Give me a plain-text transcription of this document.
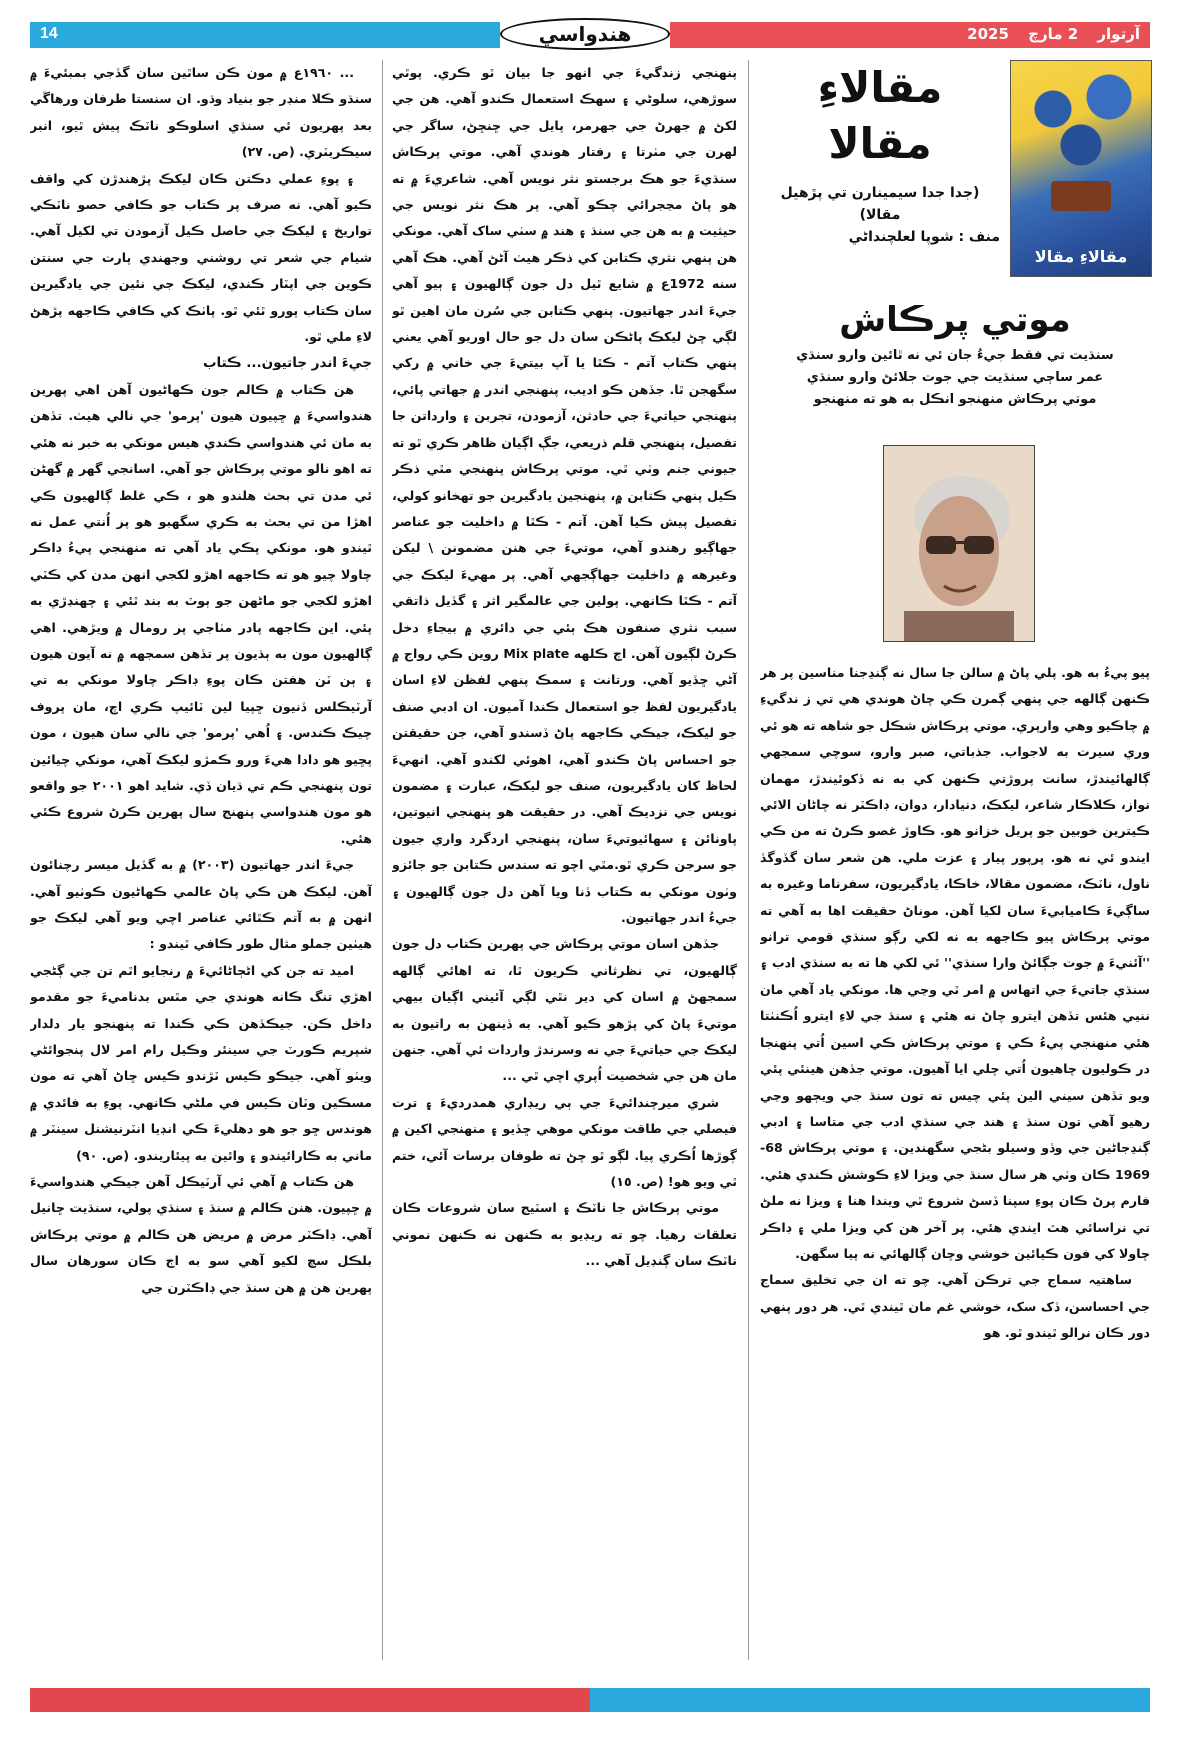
14	آرتوار 2 مارچ 2025
هندواسي

... ١٩٦٠ع ۾ مون ڪن ساٿين سان گڏجي بمبئيءَ ۾ سنڌو ڪلا منڊر جو بنياد وڌو. ان سنستا طرفان ورهاڱي بعد پهريون ئي سنڌي اسلوڪو ناٽڪ پيش ٿيو، انبر سيڪريٽري. (ص. ٢٧)

۽ پوءِ عملي دڪتن ڪان ليکڪ پڙهندڙن کي واقف ڪيو آهي. نه صرف پر ڪتاب جو ڪافي حصو ناٽڪي تواريخ ۽ ليکڪ جي حاصل ڪيل آزمودن تي لکيل آهي. شيام جي شعر تي روشني وجهندي پارت جي سنتن ڪوين جي اپٽار ڪندي، ليکڪ جي نئين جي يادگيرين سان ڪتاب پورو ٿئي ٿو. پاٺڪ کي ڪافي ڪاجهه پڙهڻ لاءِ ملي ٿو.

جيءَ اندر جاتيون... ڪتاب

هن ڪتاب ۾ ڪالم جون ڪهاڻيون آهن اهي پهرين هندواسيءَ ۾ ڇپيون هيون 'پرمو' جي نالي هيٺ. تڏهن به مان ئي هندواسي ڪندي هيس مونکي به خبر نه هئي ته اهو نالو موتي پرڪاش جو آهي. اسانجي گهر ۾ گهڻن ئي مدن تي بحث هلندو هو ، ڪي غلط ڳالهيون ڪي اهڙا من تي بحث به ڪري سگهبو هو پر اُنتي عمل نه ٿيندو هو. مونکي پڪي ياد آهي ته منهنجي پيءُ ڊاڪر چاولا چيو هو ته ڪاجهه اهڙو لکجي انهن مدن کي ڪٽي اهڙو لکجي جو ماڻهن جو ٻوٽ به بند ٿئي ۽ چهنڊڙي به پئي. اين ڪاجهه پادر مٺاجي پر رومال ۾ ويڙهي. اهي ڳالهيون مون به ٻڌيون پر تڏهن سمجهه ۾ نه آيون هيون ۽ ٻن ٽن هفتن ڪان پوءِ ڊاڪر چاولا مونکي به تي آرٽيڪلس ڏنيون ڇپيا لين ٽائيپ ڪري اچ، مان پروف چيڪ ڪندس. ۽ اُهي 'پرمو' جي نالي سان هيون ، مون پڇيو هو دادا هيءَ ورو ڪمڙو ليکڪ آهي، مونکي چيائين تون پنهنجي ڪم تي ڌيان ڏي. شايد اهو ٢٠٠١ جو واقعو هو مون هندواسي پنهنج سال پهرين ڪرڻ شروع ڪئي هئي.

جيءَ اندر جهاتيون (٢٠٠٣) ۾ به گڏيل ميسر رچنائون آهن. ليکڪ هن ڪي پاڻ عالمي ڪهاڻيون ڪوٺيو آهي. انهن ۾ به آتم ڪٿائي عناصر اچي ويو آهي ليکڪ جو هيٺين جملو مثال طور ڪافي ٿيندو :

اميد ته جن کي اڻڄاڻائيءَ ۾ رنجايو اٿم تن جي ڳڻجي اهڙي تنگ ڪانه هوندي جي مٿس بدناميءَ جو مقدمو داخل ڪن. جيڪڏهن ڪي ڪندا ته پنهنجو يار دلدار شپريم ڪورٽ جي سينئر وڪيل رام امر لال پنجوائڻي ويٺو آهي. جيڪو ڪيس ٽڙندو ڪيس ڇاڻ آهي ته مون مسڪين وٽان ڪيس في ملڻي ڪانهي. پوءِ به فائدي ۾ هوندس ڇو جو هو دهليءَ ڪي انڊيا انٽرنيشنل سينٽر ۾ ماني به ڪارائيندو ۽ وائين به پيئاريندو. (ص. ٩٠)

هن ڪتاب ۾ آهي ئي آرٽيڪل آهن جيڪي هندواسيءَ ۾ ڇپيون. هنن ڪالم ۾ سنڌ ۽ سنڌي پولي، سنڌيت ڇانيل آهي. ڊاڪٽر مرض ۾ مريض هن ڪالم ۾ موتي پرڪاش بلڪل سچ لکيو آهي سو به اڄ ڪان سورهان سال پهرين هن ۾ هن سنڌ جي ڊاڪٽرن جي

پنهنجي زندگيءَ جي انهو جا بيان ٿو ڪري. پوٿي سوڙهي، سلوڻي ۽ سهڪ استعمال ڪندو آهي. هن جي لکڻ ۾ جهرڻ جي جهرمر، پايل جي ڇنڇڻ، ساگر جي لهرن جي مٺرتا ۽ رفتار هوندي آهي. موتي پرڪاش سنڌيءَ جو هڪ برجستو نثر نويس آهي. شاعريءَ ۾ ته هو پاڻ مڃجرائي چڪو آهي. پر هڪ نثر نويس جي حيثيت ۾ به هن جي سنڌ ۽ هند ۾ سٺي ساک آهي. مونکي هن پنهي نثري ڪتابن کي ذڪر هيٺ آڻڻ آهي. هڪ آهي سنه 1972ع ۾ شايع ٿيل دل جون ڳالهيون ۽ ٻيو آهي جيءَ اندر جهاتيون. پنهي ڪتابن جي سُرن مان اهين ٿو لڳي چڻ ليکڪ پاڻڪن سان دل جو حال اوريو آهي يعني پنهي ڪتاب آتم - ڪٿا يا آپ بيتيءَ جي خاني ۾ رکي سگهجن ٿا. جڏهن ڪو اديب، پنهنجي اندر ۾ جهاتي پائي، پنهنجي حياتيءَ جي حادثن، آزمودن، تجربن ۽ وارداتن جا تفصيل، پنهنجي قلم ذريعي، جڳ اڳيان ظاهر ڪري ٿو ته جيوني جنم وٺي ٿي. موتي پرڪاش پنهنجي مٿي ذڪر ڪيل پنهي ڪتابن ۾، پنهنجين يادگيرين جو تهخانو کولي، تفصيل پيش ڪيا آهن. آتم - ڪٿا ۾ داخليت جو عناصر جهاڳيو رهندو آهي، موتيءَ جي هنن مضمونن \ ليکن وغيرهه ۾ داخليت جهاڳجهي آهي. پر مهيءَ ليکڪ جي آتم - ڪٿا ڪانهي. پولين جي عالمگير اثر ۽ گڏيل ذاتقي سبب نثري صنفون هڪ ٻئي جي دائري ۾ بيجاءِ دخل ڪرڻ لڳيون آهن. اڄ ڪلهه Mix plate روين ڪي رواج ۾ آڻي ڇڏيو آهي. ورتانت ۽ سمڪ پنهي لفظن لاءِ اسان يادگيريون لفظ جو استعمال ڪندا آميون. ان ادبي صنف جو ليکڪ، جيڪي ڪاجهه پاڻ ڏسندو آهي، جن حقيقتن جو احساس پاڻ ڪندو آهي، اهوئي لکندو آهي. انهيءَ لحاظ کان يادگيريون، صنف جو ليکڪ، عبارت ۽ مضمون نويس جي نزديڪ آهي. در حقيقت هو پنهنجي انيوتين، پاونائن ۽ سهائيوتيءَ سان، پنهنجي اردگرد واري جيون جو سرجن ڪري ٿو.مٿي اچو ته سندس ڪتابن جو جائزو وٺون مونکي به ڪتاب ڏنا ويا آهن دل جون ڳالهيون ۽ جيءُ اندر جهاتيون.

جڏهن اسان موتي پرڪاش جي پهرين ڪتاب دل جون ڳالهيون، تي نظرثاني ڪريون ٿا، ته اهائي ڳالهه سمجهڻ ۾ اسان کي دير نٿي لڳي آئيني اڳيان بيهي موتيءَ پاڻ کي پڙهو ڪيو آهي. به ڏينهن به راتيون به ليکڪ جي حياتيءَ جي نه وسرندڙ واردات ئي آهي. جنهن مان هن جي شخصيت اُپري اچي ٿي ...

شري ميرچندائيءَ جي ٻي ريڊاري همدرديءَ ۽ ترت فيصلي جي طاقت مونکي موهي ڇڏيو ۽ منهنجي اکين ۾ ڳوڙها اُڪري پيا. لڳو ٿو چڻ ته طوفان برسات آئي، ختم ٿي ويو هو! (ص. ١٥)

موتي پرڪاش جا ناٽڪ ۽ اسٽيج سان شروعات ڪان تعلقات رهيا. چو ته ريڊيو به ڪنهن نه ڪنهن نموني ناٽڪ سان ڳنڊيل آهي ...

مقالاءِ
مقالا
(جدا جدا سيمينارن تي پڙهيل مقالا)
منف : شوپا لعلچنداڻي
مقالاءِ مقالا
موتي پرڪاش
سنڌيت تي فقط جيءُ جان ئي نه ٿائين وارو سنڌي
عمر ساڄي سنڌيت جي جوت جلائڻ وارو سنڌي
موتي پرڪاش منهنجو انڪل به هو ته منهنجو

پيو پيءُ به هو. پلي پاڻ ۾ سالن جا سال نه ڳنڍجنا مناسين پر هر ڪنهن ڳالهه جي پنهي ڳمرن ڪي چاڻ هوندي هي تي ز ندگيءِ ۾ چاڪيو وهي وارپري. موتي پرڪاش شڪل جو شاهه ته هو ئي وري سيرت به لاجواب. جذباتي، صبر وارو، سوچي سمجهي ڳالهائيندڙ، سانت پروڙتي ڪنهن کي به نه ڏکوئيندڙ، مهمان نواز، ڪلاڪار شاعر، ليکڪ، دنيادار، دوان، ڊاڪٽر نه چاڻان الائي ڪيترين خوبين جو پريل خزانو هو. ڪاوڙ غصو ڪرڻ ته من ڪي ايندو ئي نه هو. پرپور پيار ۽ عزت ملي. هن شعر سان گڏوگڏ ناول، ناٽڪ، مضمون مقالا، خاڪا، يادگيريون، سفرناما وغيره به ساڳيءَ ڪاميابيءَ سان لکيا آهن. موناڻ حقيقت اها به آهي ته موتي پرڪاش پيو ڪاجهه به نه لکي رڳو سنڌي قومي ترانو ''آئنيءَ ۾ جوت جڳائڻ وارا سنڌي'' ئي لکي ها ته به سنڌي ادب ۽ سنڌي جاتيءَ جي اتهاس ۾ امر ٿي وڃي ها. مونکي ياد آهي مان ننيي هئس تڏهن ايترو چاڻ نه هئي ۽ سنڌ جي لاءِ ايترو اُڪنٺتا هئي منهنجي پيءُ ڪي ۽ موتي پرڪاش ڪي اسين اُتي پنهنجا در ڪوليون چاهيون اُتي چلي ايا آهيون. موتي جڏهن هينئي پئي ويو تڏهن سيني الين پئي چيس ته تون سنڌ جي ويڄهو وڃي رهيو آهي تون سنڌ ۽ هند جي سنڌي ادب جي متاسا ۽ ادبي ڳنڍجاڻين جي وڏو وسيلو بڻجي سگهندين. ۽ موتي پرڪاش 68-1969 ڪان وٺي هر سال سنڌ جي ويزا لاءِ ڪوشش ڪندي هئي. فارم پرڻ ڪان پوءِ سپنا ڏسڻ شروع ٿي ويندا هنا ۽ ويزا نه ملڻ تي نراسائي هٿ ايندي هئي. پر آخر هن کي ويزا ملي ۽ ڊاڪر چاولا کي فون ڪيائين خوشي وچان ڳالهائي نه پيا سگهن.

ساهتيہ سماج جي ترڪن آهي. چو ته ان جي تخليق سماج جي احساسن، ڏک سک، خوشي غم مان ٿيندي ٿي. هر دور پنهي دور ڪان نرالو ٿيندو ٿو. هو
